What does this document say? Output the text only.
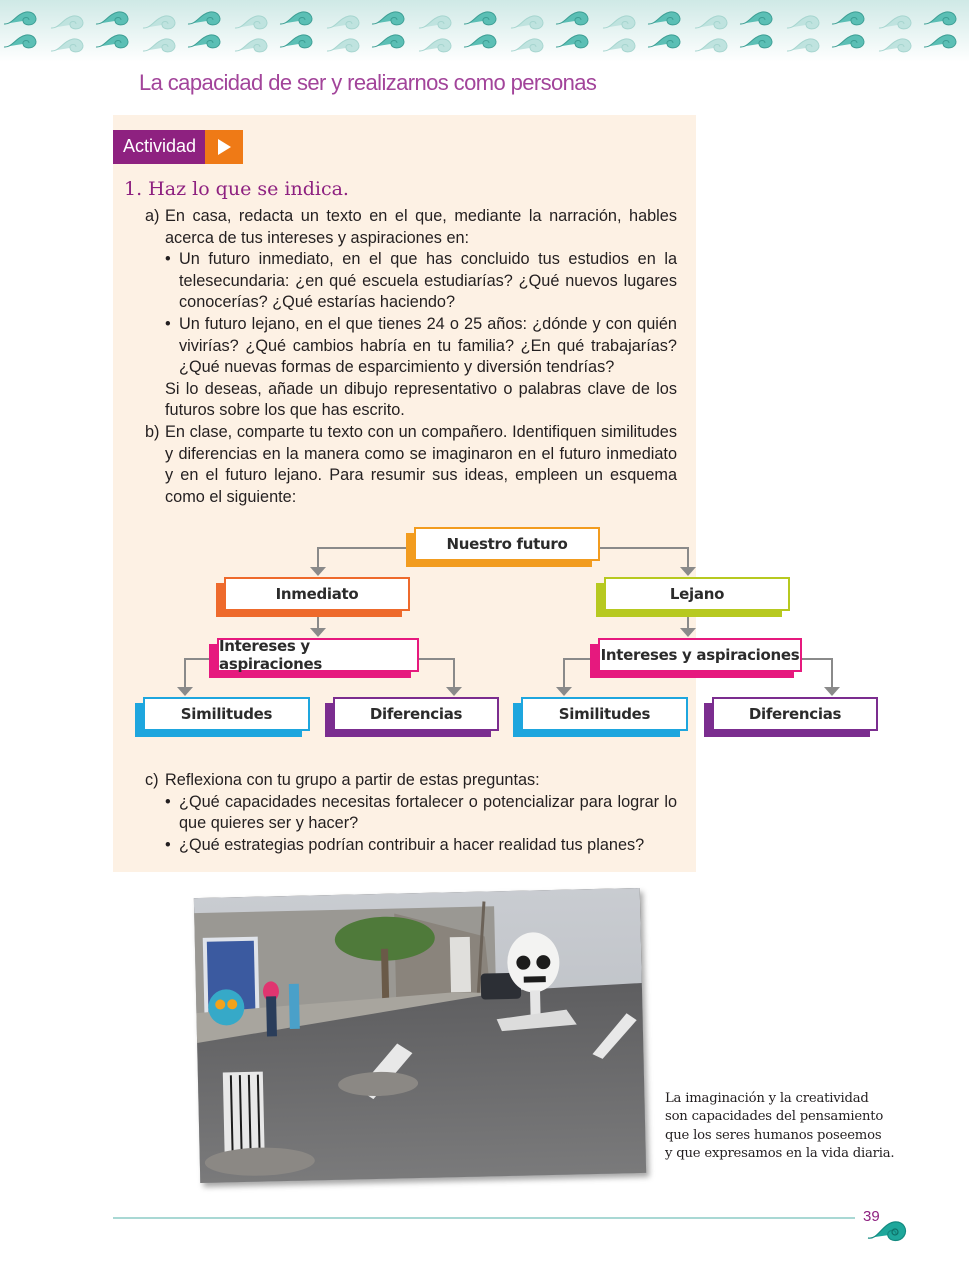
La capacidad de ser y realizarnos como personas
Actividad
1. Haz lo que se indica.
a) En casa, redacta un texto en el que, mediante la narración, hables acerca de tus intereses y aspiraciones en:
• Un futuro inmediato, en el que has concluido tus estudios en la telesecundaria: ¿en qué escuela estudiarías? ¿Qué nuevos lugares conocerías? ¿Qué estarías haciendo?
• Un futuro lejano, en el que tienes 24 o 25 años: ¿dónde y con quién vivirías? ¿Qué cambios habría en tu familia? ¿En qué trabajarías? ¿Qué nuevas formas de esparcimiento y diversión tendrías?
Si lo deseas, añade un dibujo representativo o palabras clave de los futuros sobre los que has escrito.
b) En clase, comparte tu texto con un compañero. Identifiquen similitudes y diferencias en la manera como se imaginaron en el futuro inmediato y en el futuro lejano. Para resumir sus ideas, empleen un esquema como el siguiente:
Nuestro futuro
Inmediato	Lejano
Intereses y aspiraciones	Intereses y aspiraciones
Similitudes	Diferencias	Similitudes	Diferencias
c) Reflexiona con tu grupo a partir de estas preguntas:
• ¿Qué capacidades necesitas fortalecer o potencializar para lograr lo que quieres ser y hacer?
• ¿Qué estrategias podrían contribuir a hacer realidad tus planes?
La imaginación y la creatividad
son capacidades del pensamiento
que los seres humanos poseemos
y que expresamos en la vida diaria.
39
